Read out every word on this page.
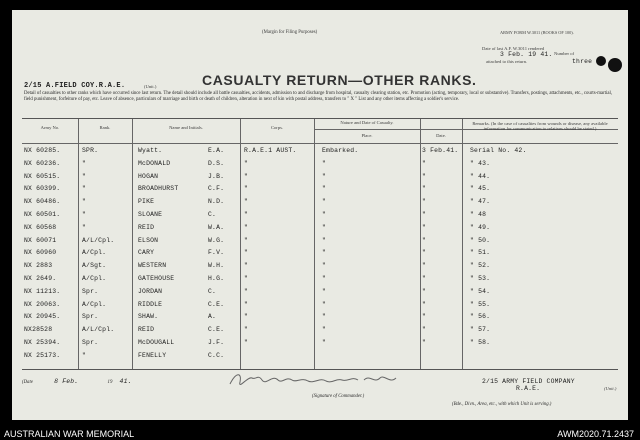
(Margin for Filing Purposes)	ARMY FORM W.3011 (BOOKS OF 100).
Date of last A.F. W.3011 rendered
3 Feb. 19 41. Number of
three
attached to this return.
2/15 A.FIELD COY.R.A.E.	(Unit.)	CASUALTY RETURN—OTHER RANKS.
Detail of casualties to other ranks which have occurred since last return. The detail should include all battle casualties, accidents, admission to and discharge from hospital, casualty clearing station, etc. Promotion (acting, temporary, local or substantive). Transfers, postings, attachments, etc., courts-martial, field punishment, forfeiture of pay, etc. Leave of absence, particulars of marriage and birth or death of children, alteration in next of kin with postal address, transfers to " X " List and any other items affecting a soldier's service.
Army No.	Rank.	Name and Initials.	Corps.
Nature and Date of Casualty.
Place.	Date.
Remarks. (In the case of casualties from wounds or disease, any available information for communication to relatives should be stated.)
NX 60285.	SPR.	Wyatt.	E.A.	R.A.E.1 AUST.	Embarked.	3 Feb.41. Serial No. 42.
NX 60236.	"	McDONALD	D.S.	"	"	"	" 43.
NX 60515.	"	HOGAN	J.B.	"	"	"	" 44.
NX 60399.	"	BROADHURST	C.F.	"	"	"	" 45.
NX 60486.	"	PIKE	N.D.	"	"	"	" 47.
NX 60501.	"	SLOANE	C.	"	"	"	" 48
NX 60568	"	REID	W.A.	"	"	"	" 49.
NX 60071	A/L/Cpl.	ELSON	W.G.	"	"	"	" 50.
NX 60960	A/Cpl.	CARY	F.V.	"	"	"	" 51.
NX 2883	A/Sgt.	WESTERN	W.H.	"	"	"	" 52.
NX 2649.	A/Cpl.	GATEHOUSE	H.G.	"	"	"	" 53.
NX 11213.	Spr.	JORDAN	C.	"	"	"	" 54.
NX 20063.	A/Cpl.	RIDDLE	C.E.	"	"	"	" 55.
NX 20945.	Spr.	SHAW.	A.	"	"	"	" 56.
NX28528	A/L/Cpl.	REID	C.E.	"	"	"	" 57.
NX 25394.	Spr.	McDOUGALL	J.F.	"	"	"	" 58.
NX 25173.	"	FENELLY	C.C.
(Date	8 Feb.	19 41.
(Signature of Commander.)
2/15 ARMY FIELD COMPANY
R.A.E.	(Unit.)
(Bde., Divn., Area, etc., with which Unit is serving.)
AUSTRALIAN WAR MEMORIAL	AWM2020.71.2437
